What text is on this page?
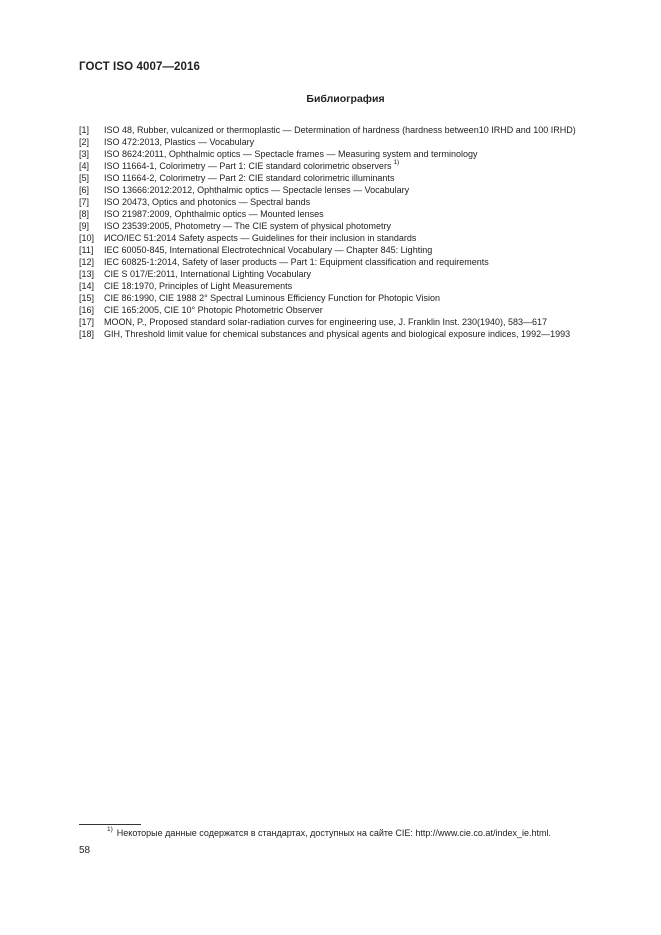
ГОСТ ISO 4007—2016
Библиография
[1]	ISO 48, Rubber, vulcanized or thermoplastic — Determination of hardness (hardness between10 IRHD and 100 IRHD)
[2]	ISO 472:2013, Plastics — Vocabulary
[3]	ISO 8624:2011, Ophthalmic optics — Spectacle frames — Measuring system and terminology
[4]	ISO 11664-1, Colorimetry — Part 1: CIE standard colorimetric observers $^{1)}$
[5]	ISO 11664-2, Colorimetry — Part 2: CIE standard colorimetric illuminants
[6]	ISO 13666:2012:2012, Ophthalmic optics — Spectacle lenses — Vocabulary
[7]	ISO 20473, Optics and photonics — Spectral bands
[8]	ISO 21987:2009, Ophthalmic optics — Mounted lenses
[9]	ISO 23539:2005, Photometry — The CIE system of physical photometry
[10]	ИСО/IEC 51:2014 Safety aspects — Guidelines for their inclusion in standards
[11]	IEC 60050-845, International Electrotechnical Vocabulary — Chapter 845: Lighting
[12]	IEC 60825-1:2014, Safety of laser products — Part 1: Equipment classification and requirements
[13]	CIE S 017/E:2011, International Lighting Vocabulary
[14]	CIE 18:1970, Principles of Light Measurements
[15]	CIE 86:1990, CIE 1988 2° Spectral Luminous Efficiency Function for Photopic Vision
[16]	CIE 165:2005, CIE 10° Photopic Photometric Observer
[17]	MOON, P., Proposed standard solar-radiation curves for engineering use, J. Franklin Inst. 230(1940), 583—617
[18]	GIH, Threshold limit value for chemical substances and physical agents and biological exposure indices, 1992—1993
$^{1)}$ Некоторые данные содержатся в стандартах, доступных на сайте CIE: http://www.cie.co.at/index_ie.html.
58
